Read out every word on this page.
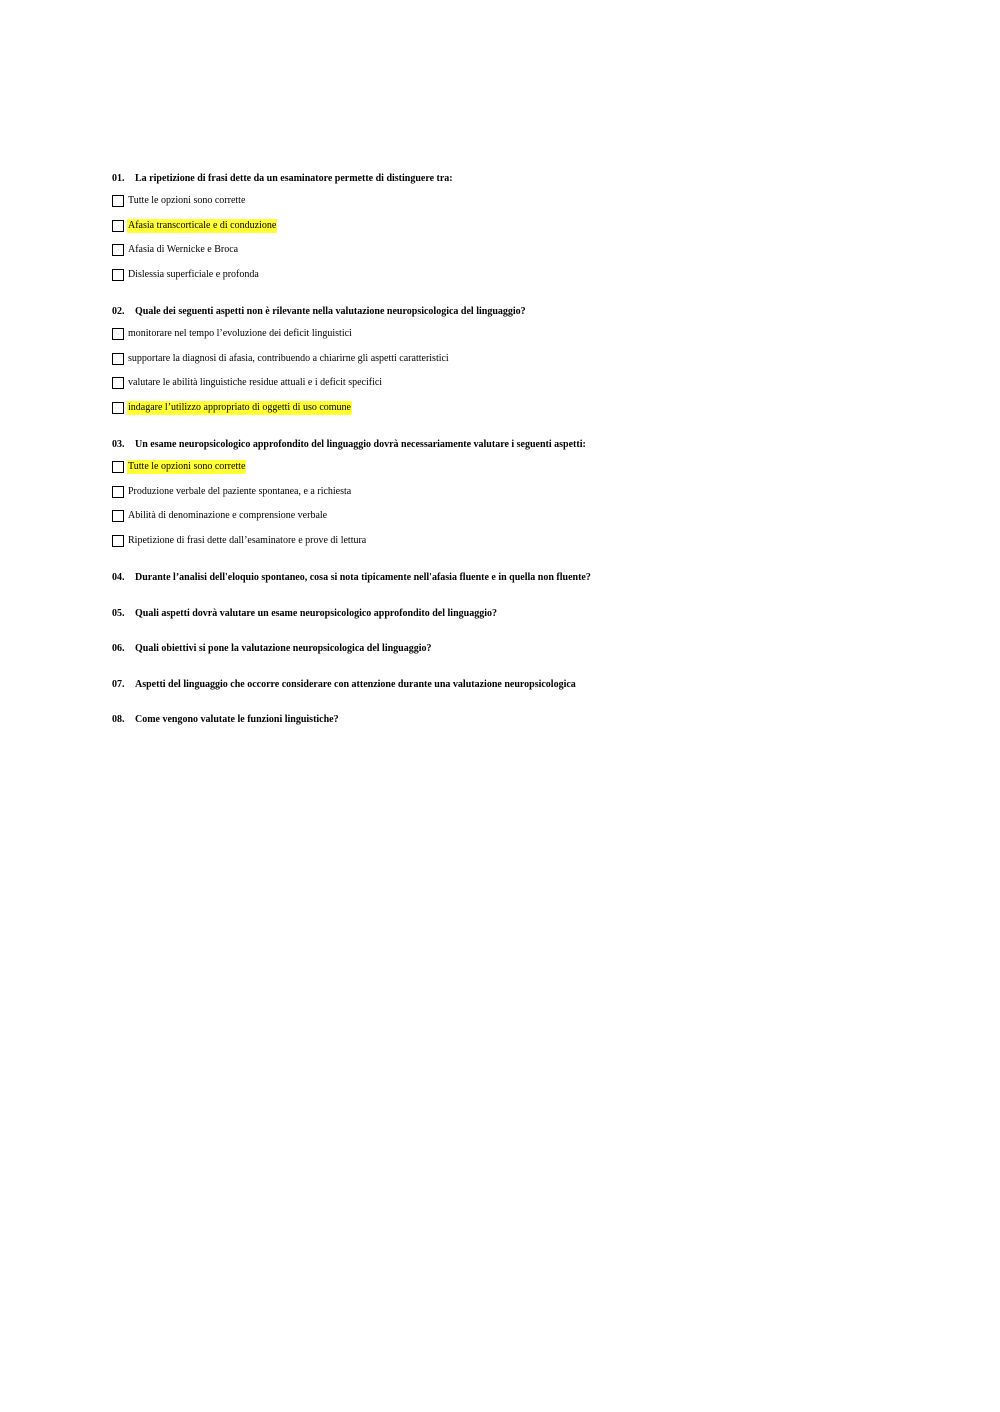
01.	La ripetizione di frasi dette da un esaminatore permette di distinguere tra:
Tutte le opzioni sono corrette
Afasia transcorticale e di conduzione
Afasia di Wernicke e Broca
Dislessia superficiale e profonda
02.	Quale dei seguenti aspetti non è rilevante nella valutazione neuropsicologica del linguaggio?
monitorare nel tempo l’evoluzione dei deficit linguistici
supportare la diagnosi di afasia, contribuendo a chiarirne gli aspetti caratteristici
valutare le abilità linguistiche residue attuali e i deficit specifici
indagare l’utilizzo appropriato di oggetti di uso comune
03.	Un esame neuropsicologico approfondito del linguaggio dovrà necessariamente valutare i seguenti aspetti:
Tutte le opzioni sono corrette
Produzione verbale del paziente spontanea, e a richiesta
Abilità di denominazione e comprensione verbale
Ripetizione di frasi dette dall’esaminatore e prove di lettura
04.	Durante l’analisi dell'eloquio spontaneo, cosa si nota tipicamente nell'afasia fluente e in quella non fluente?
05.	Quali aspetti dovrà valutare un esame neuropsicologico approfondito del linguaggio?
06.	Quali obiettivi si pone la valutazione neuropsicologica del linguaggio?
07.	Aspetti del linguaggio che occorre considerare con attenzione durante una valutazione neuropsicologica
08.	Come vengono valutate le funzioni linguistiche?
